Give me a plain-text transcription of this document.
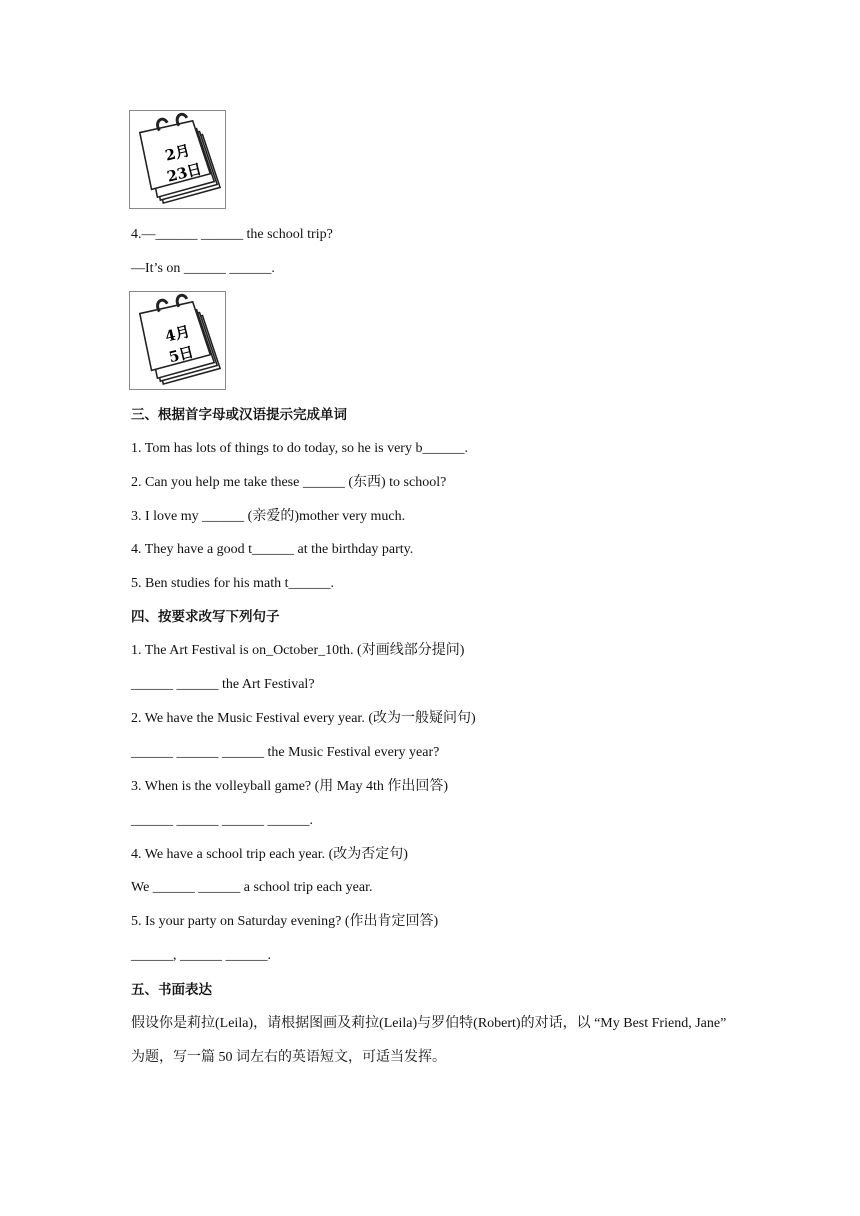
2月
23日
4.—______ ______ the school trip?
—It’s on ______ ______.
4月
5日
三、根据首字母或汉语提示完成单词
1. Tom has lots of things to do today, so he is very b______.
2. Can you help me take these ______ (东西) to school?
3. I love my ______ (亲爱的)mother very much.
4. They have a good t______ at the birthday party.
5. Ben studies for his math t______.
四、按要求改写下列句子
1. The Art Festival is on_October_10th. (对画线部分提问)
______ ______ the Art Festival?
2. We have the Music Festival every year. (改为一般疑问句)
______ ______ ______ the Music Festival every year?
3. When is the volleyball game? (用 May 4th 作出回答)
______ ______ ______ ______.
4. We have a school trip each year. (改为否定句)
We ______ ______ a school trip each year.
5. Is your party on Saturday evening? (作出肯定回答)
______, ______ ______.
五、书面表达
假设你是莉拉(Leila)，请根据图画及莉拉(Leila)与罗伯特(Robert)的对话，以 “My Best Friend, Jane” 为题，写一篇 50 词左右的英语短文，可适当发挥。
